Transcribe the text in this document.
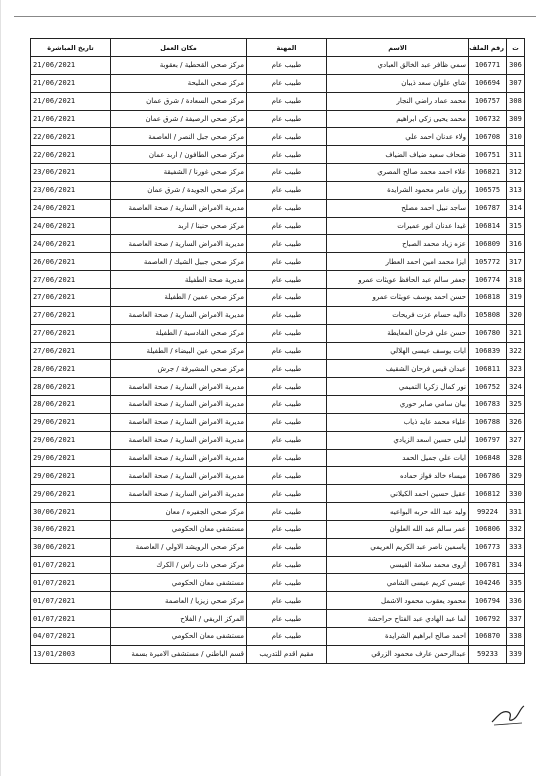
ت	رقم الملف	الاسم	المهنة	مكان العمل	تاريخ المباشرة
306	106771	سمي ظافر عبد الخالق العبادي	طبيب عام	مركز صحي القحطية / بعقوبة	21/06/2021
307	106694	شاي علوان سعد ذيبان	طبيب عام	مركز صحي المليحة	21/06/2021
308	106757	محمد عماد راضي النجار	طبيب عام	مركز صحي السعادة / شرق عمان	21/06/2021
309	106732	محمد يحيى زكي ابراهيم	طبيب عام	مركز صحي الرصيفة / شرق عمان	21/06/2021
310	106708	ولاء عدنان احمد علي	طبيب عام	مركز صحي جبل النصر / العاصمة	22/06/2021
311	106751	ضحاف سعيد ضياف الضياف	طبيب عام	مركز صحي الطافون / اربد عمان	22/06/2021
312	106821	علاء احمد محمد صالح المصري	طبيب عام	مركز صحي غورنا / الشفيقة	23/06/2021
313	106575	روان عامر محمود الشرايدة	طبيب عام	مركز صحي الجويدة / شرق عمان	23/06/2021
314	106787	ساجد نبيل احمد مصلح	طبيب عام	مديرية الامراض السارية / صحة العاصمة	24/06/2021
315	106814	غيدا عدنان انور عميرات	طبيب عام	مركز صحي حنينا / اربد	24/06/2021
316	106809	عزه زياد محمد الصباح	طبيب عام	مديرية الامراض السارية / صحة العاصمة	24/06/2021
317	105772	ايزا محمد امين احمد العطار	طبيب عام	مركز صحي جبيل الشيك / العاصمة	26/06/2021
318	106774	جعفر سالم عبد الحافظ عويثات عمرو	طبيب عام	مديرية صحة الطفيلة	27/06/2021
319	106818	حسن احمد يوسف عويثات عمرو	طبيب عام	مركز صحي عمين / الطفيلة	27/06/2021
320	105808	داليه حسام عزت فريحات	طبيب عام	مديرية الامراض السارية / صحة العاصمة	27/06/2021
321	106780	حسن علي فرحان المعايطة	طبيب عام	مركز صحي القادسية / الطفيلة	27/06/2021
322	106839	ايات يوسف عيسى الهلالي	طبيب عام	مركز صحي عين البيضاء / الطفيلة	27/06/2021
323	106811	عيدان قيس فرحان الشقيف	طبيب عام	مركز صحي المشيرفة / جرش	28/06/2021
324	106752	نور كمال زكريا التميمي	طبيب عام	مديرية الامراض السارية / صحة العاصمة	28/06/2021
325	106783	بيان سامي صابر حوري	طبيب عام	مديرية الامراض السارية / صحة العاصمة	28/06/2021
326	106788	علياء محمد عايد ذياب	طبيب عام	مديرية الامراض السارية / صحة العاصمة	29/06/2021
327	106797	ليلى حسين اسعد الزيادي	طبيب عام	مديرية الامراض السارية / صحة العاصمة	29/06/2021
328	106848	ايات علي جميل الحمد	طبيب عام	مديرية الامراض السارية / صحة العاصمة	29/06/2021
329	106786	ميساء خالد فواز حماده	طبيب عام	مديرية الامراض السارية / صحة العاصمة	29/06/2021
330	106812	عقيل حسين احمد الكيلاني	طبيب عام	مديرية الامراض السارية / صحة العاصمة	29/06/2021
331	99224	وليد عبد الله حربه البواعيه	طبيب عام	مركز صحي الجفيره / معان	30/06/2021
332	106806	عمر سالم عبد الله العلوان	طبيب عام	مستشفى معان الحكومي	30/06/2021
333	106773	ياسمين ناصر عبد الكريم العريمي	طبيب عام	مركز صحي الرويشد الاولي / العاصمة	30/06/2021
334	106781	اروى محمد سلامة القيسي	طبيب عام	مركز صحي ذات راس / الكرك	01/07/2021
335	104246	عيسى كريم عيسى الشامي	طبيب عام	مستشفى معان الحكومي	01/07/2021
336	106794	محمود يعقوب محمود الاشمل	طبيب عام	مركز صحي زيزيا / العاصمة	01/07/2021
337	106792	لما عبد الهادي عبد الفتاح حراحشة	طبيب عام	المركز الريفي / الفلاح	01/07/2021
338	106870	احمد صالح ابراهيم الشرايدة	طبيب عام	مستشفى معان الحكومي	04/07/2021
339	59233	عبدالرحمن عارف محمود الزرقي	مقيم اقدم للتدريب	قسم الباطني / مستشفى الاميرة بسمة	13/01/2003
